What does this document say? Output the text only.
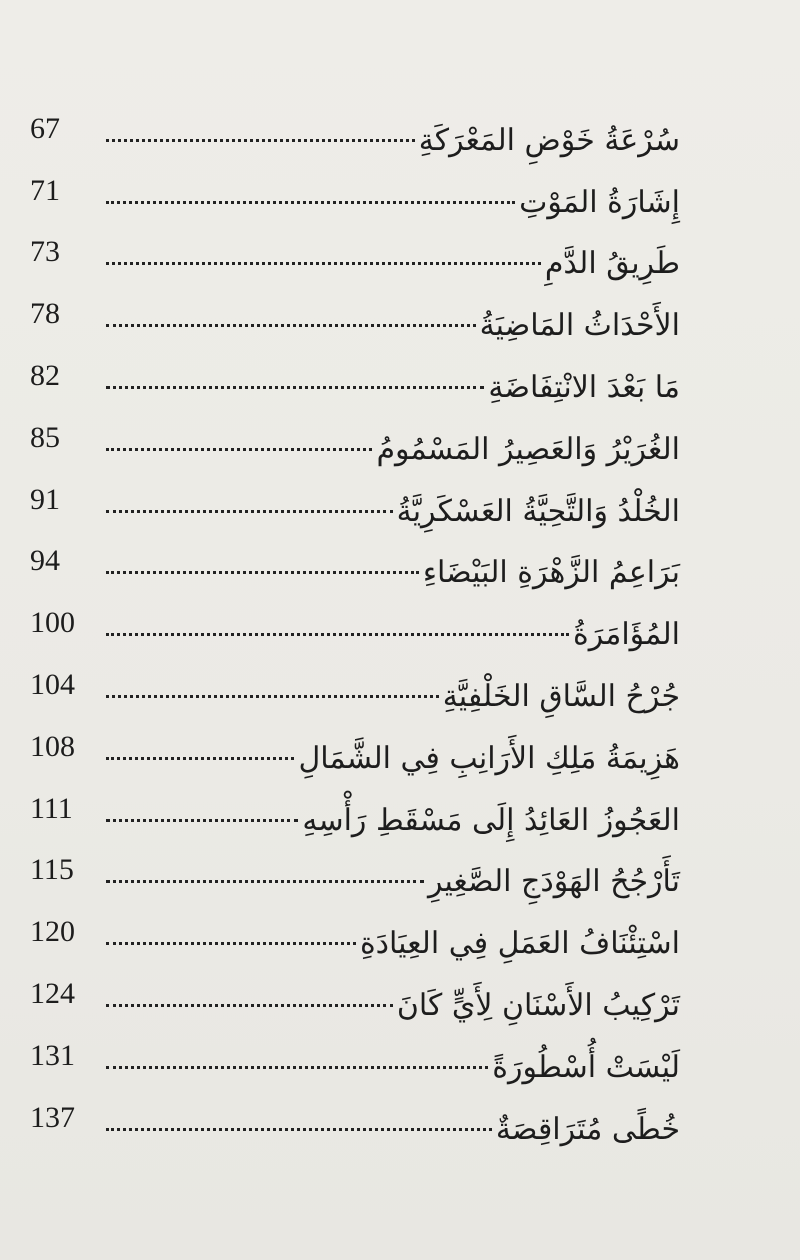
سُرْعَةُ خَوْضِ المَعْرَكَةِ
67
إِشَارَةُ المَوْتِ
71
طَرِيقُ الدَّمِ
73
الأَحْدَاثُ المَاضِيَةُ
78
مَا بَعْدَ الانْتِفَاضَةِ
82
الغُرَيْرُ وَالعَصِيرُ المَسْمُومُ
85
الخُلْدُ وَالتَّحِيَّةُ العَسْكَرِيَّةُ
91
بَرَاعِمُ الزَّهْرَةِ البَيْضَاءِ
94
المُؤَامَرَةُ
100
جُرْحُ السَّاقِ الخَلْفِيَّةِ
104
هَزِيمَةُ مَلِكِ الأَرَانِبِ فِي الشَّمَالِ
108
العَجُوزُ العَائِدُ إِلَى مَسْقَطِ رَأْسِهِ
111
تَأَرْجُحُ الهَوْدَجِ الصَّغِيرِ
115
اسْتِئْنَافُ العَمَلِ فِي العِيَادَةِ
120
تَرْكِيبُ الأَسْنَانِ لِأَيٍّ كَانَ
124
لَيْسَتْ أُسْطُورَةً
131
خُطًى مُتَرَاقِصَةٌ
137
